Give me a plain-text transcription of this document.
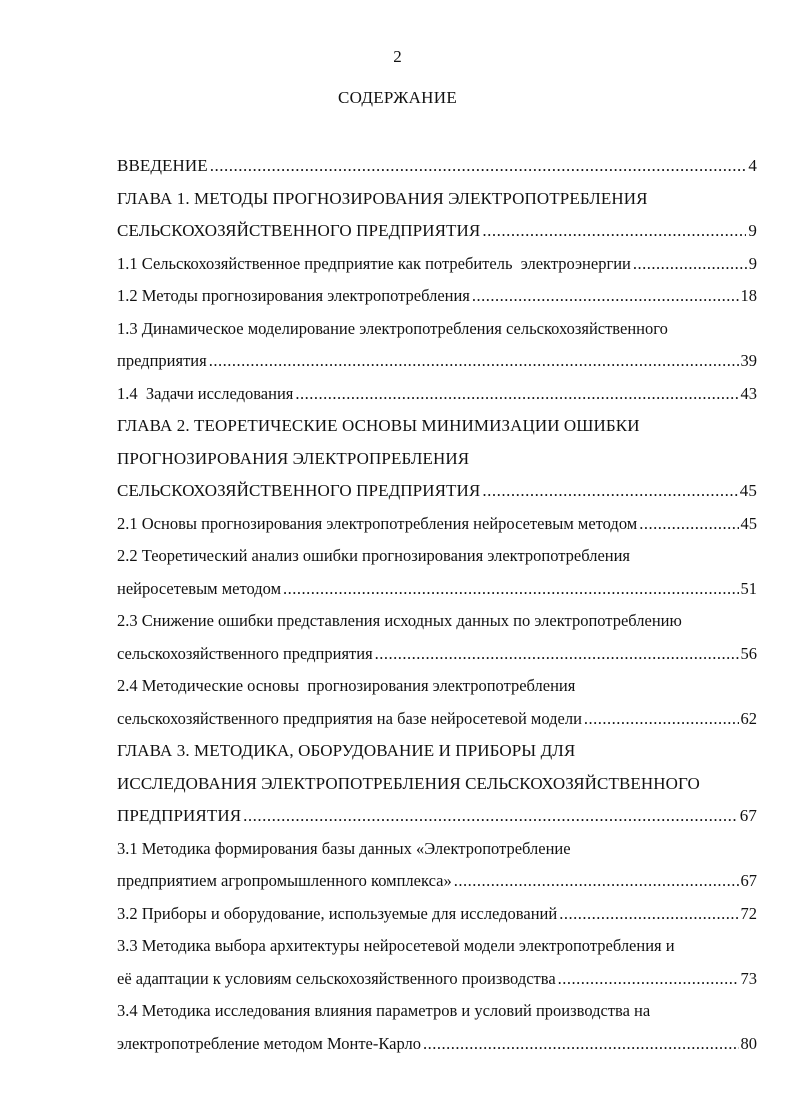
2
СОДЕРЖАНИЕ
ВВЕДЕНИЕ .....	4
ГЛАВА 1. МЕТОДЫ ПРОГНОЗИРОВАНИЯ ЭЛЕКТРОПОТРЕБЛЕНИЯ
СЕЛЬСКОХОЗЯЙСТВЕННОГО ПРЕДПРИЯТИЯ .....	9
1.1 Сельскохозяйственное предприятие как потребитель  электроэнергии .....	9
1.2 Методы прогнозирования электропотребления .....	18
1.3 Динамическое моделирование электропотребления сельскохозяйственного
предприятия .....	39
1.4  Задачи исследования .....	43
ГЛАВА 2. ТЕОРЕТИЧЕСКИЕ ОСНОВЫ МИНИМИЗАЦИИ ОШИБКИ
ПРОГНОЗИРОВАНИЯ ЭЛЕКТРОПРЕБЛЕНИЯ
СЕЛЬСКОХОЗЯЙСТВЕННОГО ПРЕДПРИЯТИЯ .....	45
2.1 Основы прогнозирования электропотребления нейросетевым методом .....	45
2.2 Теоретический анализ ошибки прогнозирования электропотребления
нейросетевым методом .....	51
2.3 Снижение ошибки представления исходных данных по электропотреблению
сельскохозяйственного предприятия .....	56
2.4 Методические основы  прогнозирования электропотребления
сельскохозяйственного предприятия на базе нейросетевой модели .....	62
ГЛАВА 3. МЕТОДИКА, ОБОРУДОВАНИЕ И ПРИБОРЫ ДЛЯ
ИССЛЕДОВАНИЯ ЭЛЕКТРОПОТРЕБЛЕНИЯ СЕЛЬСКОХОЗЯЙСТВЕННОГО
ПРЕДПРИЯТИЯ .....	67
3.1 Методика формирования базы данных «Электропотребление
предприятием агропромышленного комплекса» .....	67
3.2 Приборы и оборудование, используемые для исследований .....	72
3.3 Методика выбора архитектуры нейросетевой модели электропотребления и
её адаптации к условиям сельскохозяйственного производства .....	73
3.4 Методика исследования влияния параметров и условий производства на
электропотребление методом Монте-Карло .....	80
